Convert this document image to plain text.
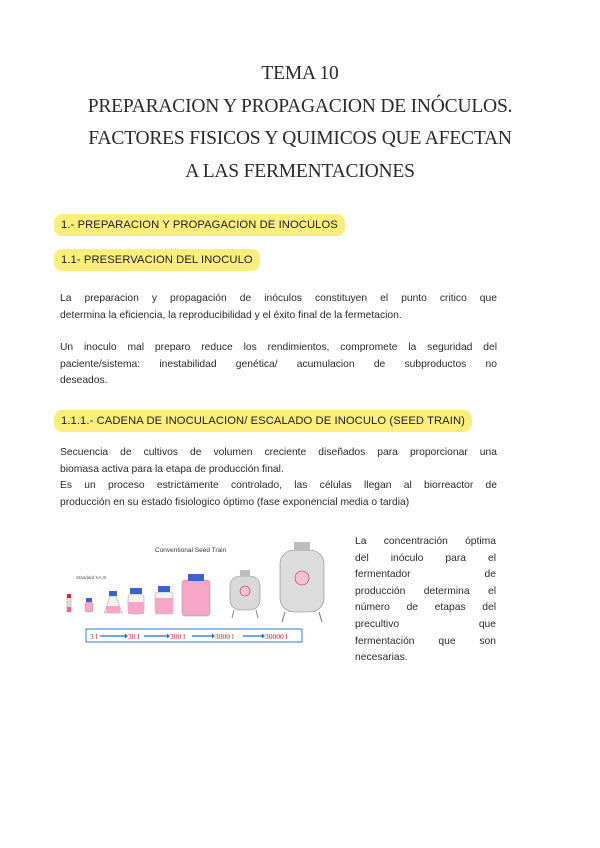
TEMA 10
PREPARACION Y PROPAGACION DE INÓCULOS.
FACTORES FISICOS Y QUIMICOS QUE AFECTAN
A LAS FERMENTACIONES
1.- PREPARACION Y PROPAGACION DE INOCULOS
1.1- PRESERVACION DEL INOCULO
La preparacion y propagación de inóculos constituyen el punto critico que
determina la eficiencia, la reproducibilidad y el éxito final de la fermetacion.
Un inoculo mal preparo reduce los rendimientos, compromete la seguridad del
paciente/sistema: inestabilidad genética/ acumulacion de subproductos no
deseados.
1.1.1.- CADENA DE INOCULACION/ ESCALADO DE INOCULO (SEED TRAIN)
Secuencia de cultivos de volumen creciente diseñados para proporcionar una
biomasa activa para la etapa de producción final.
Es un proceso estrictamente controlado, las células llegan al biorreactor de
producción en su estado fisiologico óptimo (fase exponencial media o tardia)
Conventional Seed Train
Standard KA III
3 l	30 l	300 l	3000 l	30000 l
La concentración óptima
del inóculo para el
fermentador de
producción determina el
número de etapas del
precultivo que
fermentación que son
necesarias.
